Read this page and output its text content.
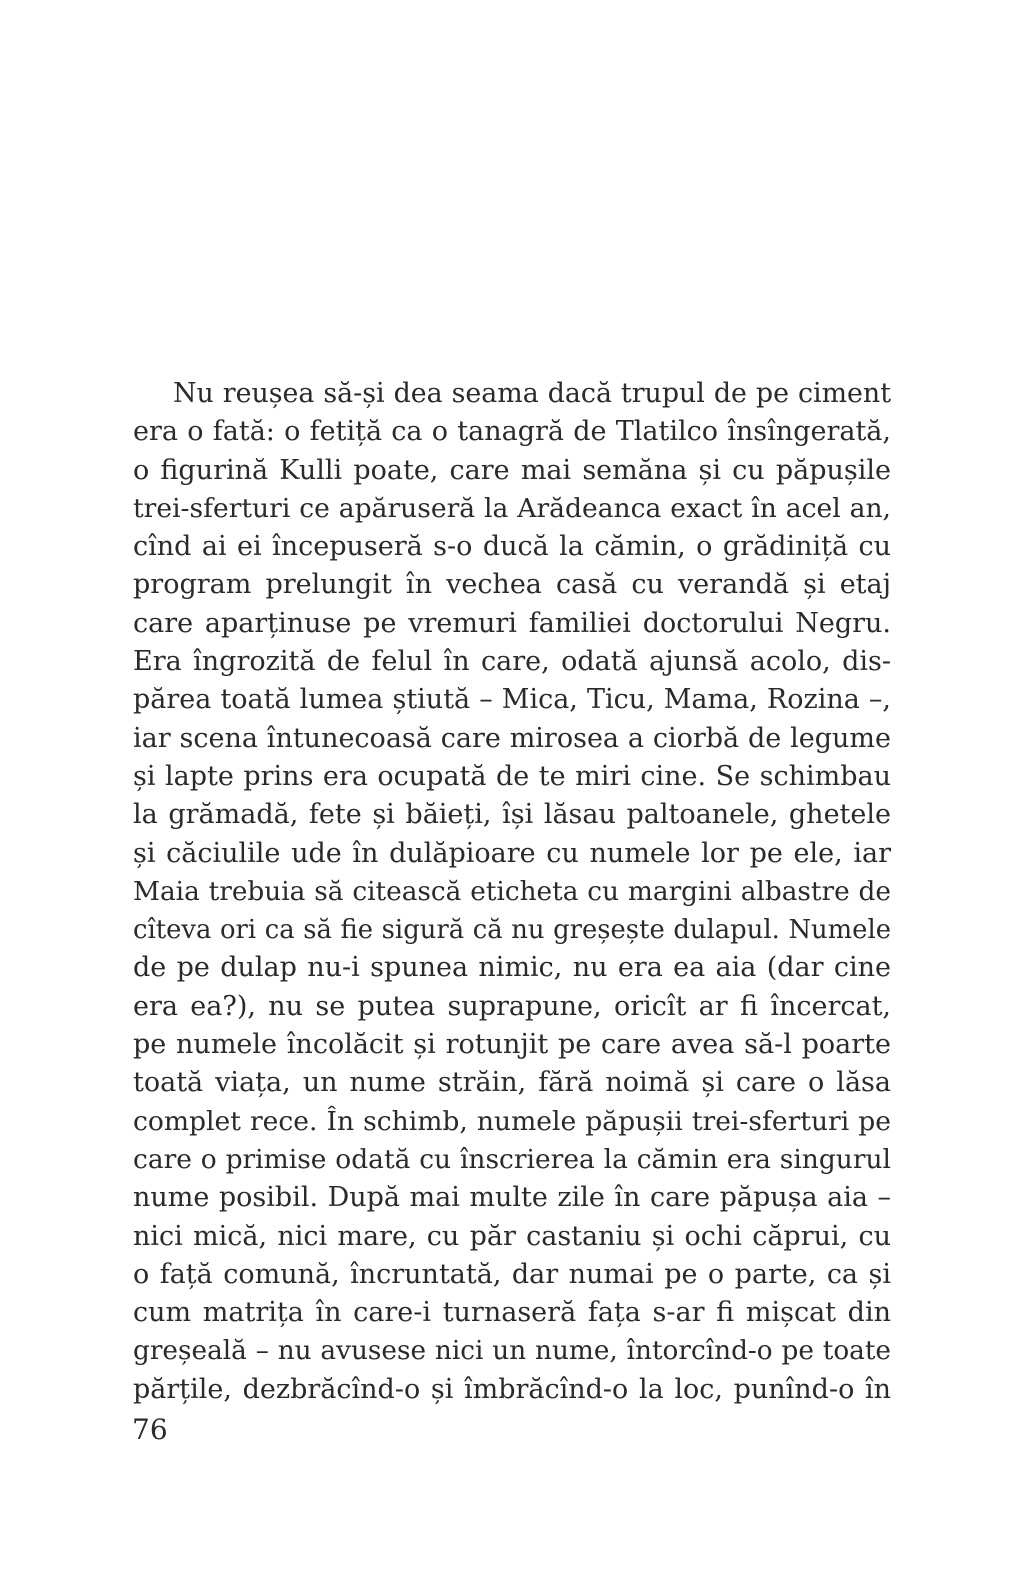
Nu reușea să-și dea seama dacă trupul de pe ciment
era o fată: o fetiță ca o tanagră de Tlatilco însîngerată,
o figurină Kulli poate, care mai semăna și cu păpușile
trei-sferturi ce apăruseră la Arădeanca exact în acel an,
cînd ai ei începuseră s-o ducă la cămin, o grădiniță cu
program prelungit în vechea casă cu verandă și etaj
care aparținuse pe vremuri familiei doctorului Negru.
Era îngrozită de felul în care, odată ajunsă acolo, dis-
părea toată lumea știută – Mica, Ticu, Mama, Rozina –,
iar scena întunecoasă care mirosea a ciorbă de legume
și lapte prins era ocupată de te miri cine. Se schimbau
la grămadă, fete și băieți, își lăsau paltoanele, ghetele
și căciulile ude în dulăpioare cu numele lor pe ele, iar
Maia trebuia să citească eticheta cu margini albastre de
cîteva ori ca să fie sigură că nu greșește dulapul. Numele
de pe dulap nu-i spunea nimic, nu era ea aia (dar cine
era ea?), nu se putea suprapune, oricît ar fi încercat,
pe numele încolăcit și rotunjit pe care avea să-l poarte
toată viața, un nume străin, fără noimă și care o lăsa
complet rece. În schimb, numele păpușii trei-sferturi pe
care o primise odată cu înscrierea la cămin era singurul
nume posibil. După mai multe zile în care păpușa aia –
nici mică, nici mare, cu păr castaniu și ochi căprui, cu
o față comună, încruntată, dar numai pe o parte, ca și
cum matrița în care-i turnaseră fața s-ar fi mișcat din
greșeală – nu avusese nici un nume, întorcînd-o pe toate
părțile, dezbrăcînd-o și îmbrăcînd-o la loc, punînd-o în
76
